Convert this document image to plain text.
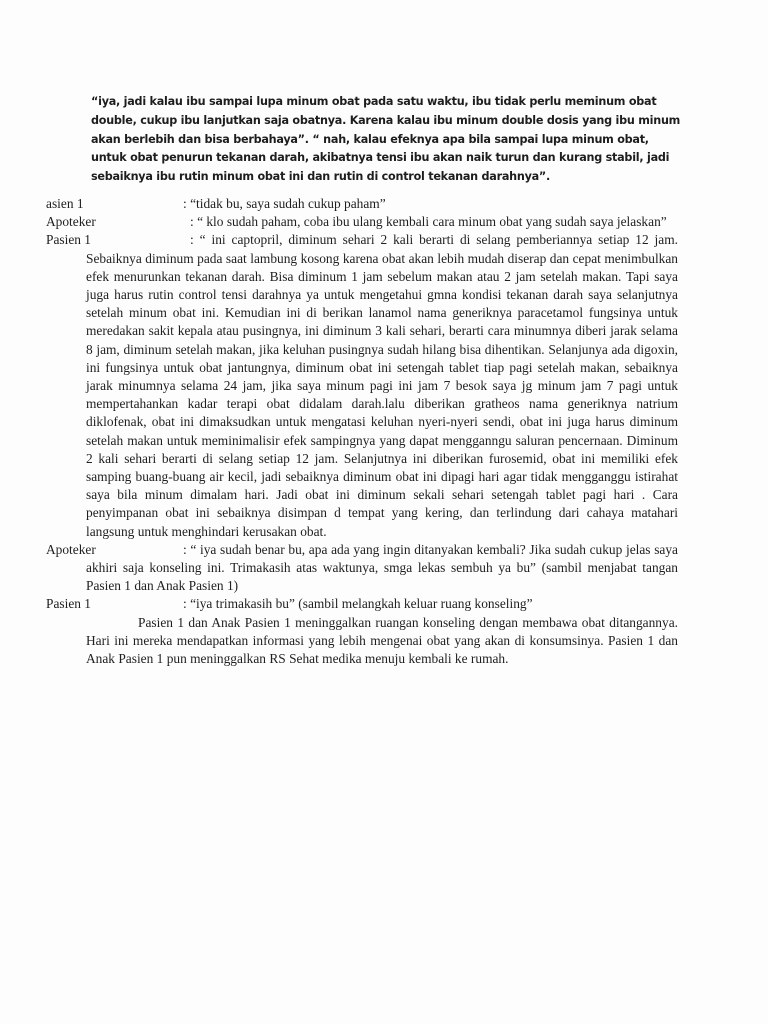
“iya, jadi kalau ibu sampai lupa minum obat pada satu waktu, ibu tidak perlu meminum obat double, cukup ibu lanjutkan saja obatnya. Karena kalau ibu minum double dosis yang ibu minum akan berlebih dan bisa berbahaya”. “ nah, kalau efeknya apa bila sampai lupa minum obat, untuk obat penurun tekanan darah, akibatnya tensi ibu akan naik turun dan kurang stabil, jadi sebaiknya ibu rutin minum obat ini dan rutin di control tekanan darahnya”.

asien 1	: “tidak bu, saya sudah cukup paham”

Apoteker	: “ klo sudah paham, coba ibu ulang kembali cara minum obat yang sudah saya jelaskan”

Pasien 1	: “ ini captopril, diminum sehari 2 kali berarti di selang pemberiannya setiap 12 jam. Sebaiknya diminum pada saat lambung kosong karena obat akan lebih mudah diserap dan cepat menimbulkan efek menurunkan tekanan darah. Bisa diminum 1 jam sebelum makan atau 2 jam setelah makan. Tapi saya juga harus rutin control tensi darahnya ya untuk mengetahui gmna kondisi tekanan darah saya selanjutnya setelah minum obat ini. Kemudian ini di berikan lanamol nama generiknya paracetamol fungsinya untuk meredakan sakit kepala atau pusingnya, ini diminum 3 kali sehari, berarti cara minumnya diberi jarak selama 8 jam, diminum setelah makan, jika keluhan pusingnya sudah hilang bisa dihentikan. Selanjunya ada digoxin, ini fungsinya untuk obat jantungnya, diminum obat ini setengah tablet tiap pagi setelah makan, sebaiknya jarak minumnya selama 24 jam, jika saya minum pagi ini jam 7 besok saya jg minum jam 7 pagi untuk mempertahankan kadar terapi obat didalam darah.lalu diberikan gratheos nama generiknya natrium diklofenak, obat ini dimaksudkan untuk mengatasi keluhan nyeri-nyeri sendi, obat ini juga harus diminum setelah makan untuk meminimalisir efek sampingnya yang dapat mengganngu saluran pencernaan. Diminum 2 kali sehari berarti di selang setiap 12 jam. Selanjutnya ini diberikan furosemid, obat ini memiliki efek samping buang-buang air kecil, jadi sebaiknya diminum obat ini dipagi hari agar tidak mengganggu istirahat saya bila minum dimalam hari. Jadi obat ini diminum sekali sehari setengah tablet pagi hari . Cara penyimpanan obat ini sebaiknya disimpan d tempat yang kering, dan terlindung dari cahaya matahari langsung untuk menghindari kerusakan obat.

Apoteker	: “ iya sudah benar bu, apa ada yang ingin ditanyakan kembali? Jika sudah cukup jelas saya akhiri saja konseling ini. Trimakasih atas waktunya, smga lekas sembuh ya bu” (sambil menjabat tangan Pasien 1 dan Anak Pasien 1)

Pasien 1	: “iya trimakasih bu” (sambil melangkah keluar ruang konseling”

Pasien 1 dan Anak Pasien 1 meninggalkan ruangan konseling dengan membawa obat ditangannya. Hari ini mereka mendapatkan informasi yang lebih mengenai obat yang akan di konsumsinya. Pasien 1 dan Anak Pasien 1 pun meninggalkan RS Sehat medika menuju kembali ke rumah.
